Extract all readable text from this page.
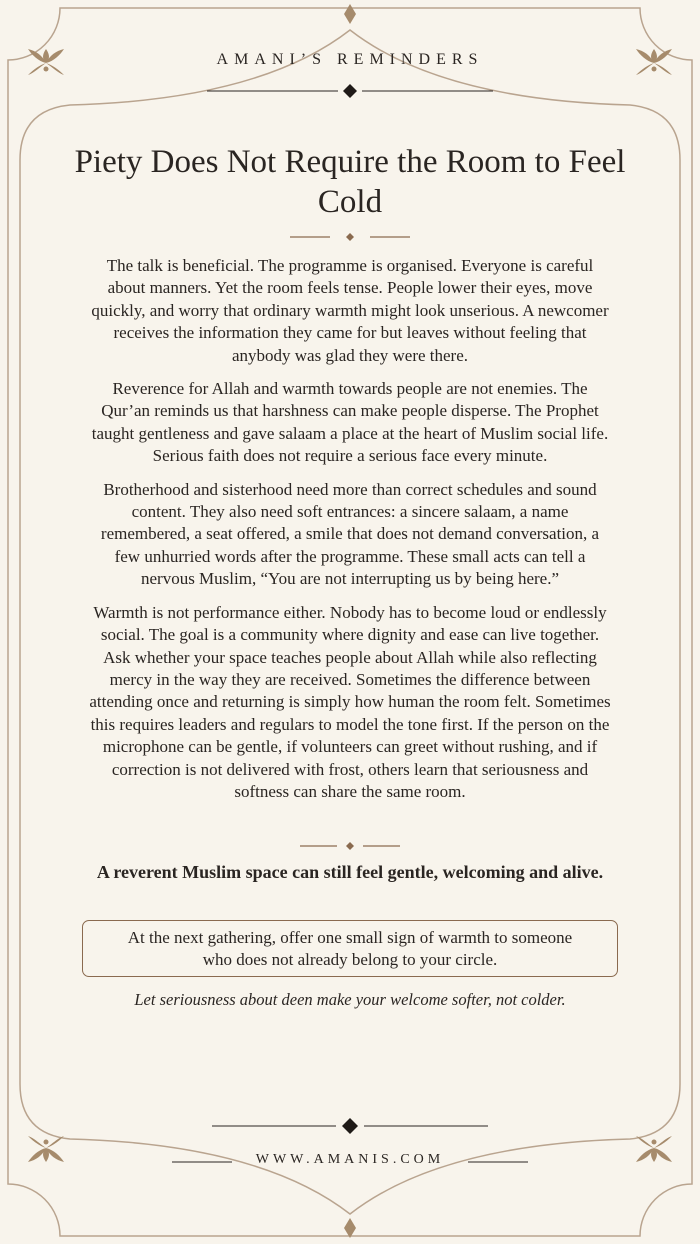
AMANI’S REMINDERS
Piety Does Not Require the Room to Feel Cold

The talk is beneficial. The programme is organised. Everyone is careful about manners. Yet the room feels tense. People lower their eyes, move quickly, and worry that ordinary warmth might look unserious. A newcomer receives the information they came for but leaves without feeling that anybody was glad they were there.

Reverence for Allah and warmth towards people are not enemies. The Qur’an reminds us that harshness can make people disperse. The Prophet taught gentleness and gave salaam a place at the heart of Muslim social life. Serious faith does not require a serious face every minute.

Brotherhood and sisterhood need more than correct schedules and sound content. They also need soft entrances: a sincere salaam, a name remembered, a seat offered, a smile that does not demand conversation, a few unhurried words after the programme. These small acts can tell a nervous Muslim, “You are not interrupting us by being here.”

Warmth is not performance either. Nobody has to become loud or endlessly social. The goal is a community where dignity and ease can live together. Ask whether your space teaches people about Allah while also reflecting mercy in the way they are received. Sometimes the difference between attending once and returning is simply how human the room felt. Sometimes this requires leaders and regulars to model the tone first. If the person on the microphone can be gentle, if volunteers can greet without rushing, and if correction is not delivered with frost, others learn that seriousness and softness can share the same room.

A reverent Muslim space can still feel gentle, welcoming and alive.
At the next gathering, offer one small sign of warmth to someone who does not already belong to your circle.
Let seriousness about deen make your welcome softer, not colder.
WWW.AMANIS.COM
